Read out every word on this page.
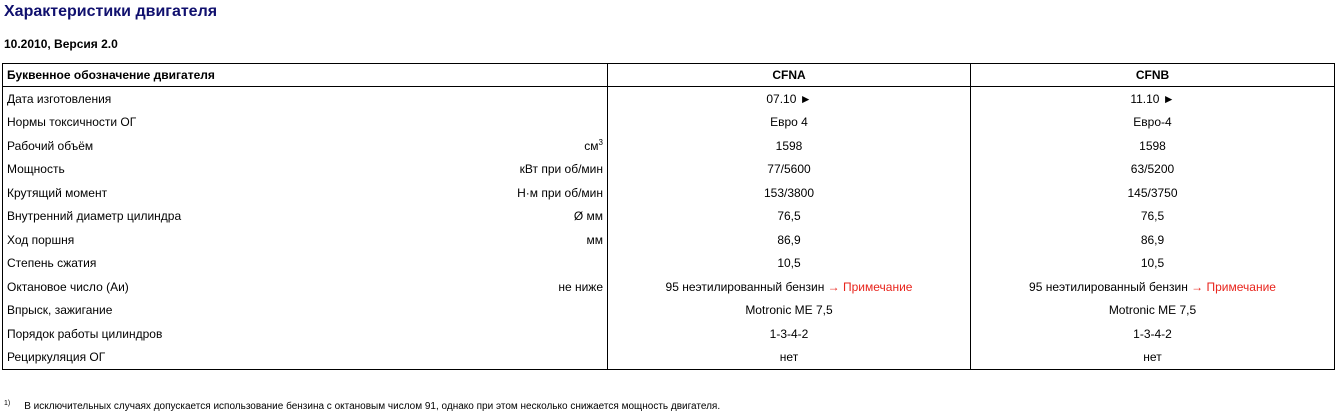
Характеристики двигателя
10.2010, Версия 2.0
Буквенное обозначение двигателя	CFNA	CFNB

Дата изготовления	07.10 ►	11.10 ►

Нормы токсичности ОГ	Евро 4	Евро-4

Рабочий объём $см^3$	1598	1598

Мощность кВт при об/мин	77/5600	63/5200

Крутящий момент Н·м при об/мин	153/3800	145/3750

Внутренний диаметр цилиндра Ø мм	76,5	76,5

Ход поршня мм	86,9	86,9

Степень сжатия	10,5	10,5

Октановое число (Аи) не ниже	95 неэтилированный бензин → Примечание	95 неэтилированный бензин → Примечание

Впрыск, зажигание	Motronic ME 7,5	Motronic ME 7,5

Порядок работы цилиндров	1-3-4-2	1-3-4-2

Рециркуляция ОГ	нет	нет
$^{1)}$ В исключительных случаях допускается использование бензина с октановым числом 91, однако при этом несколько снижается мощность двигателя.
